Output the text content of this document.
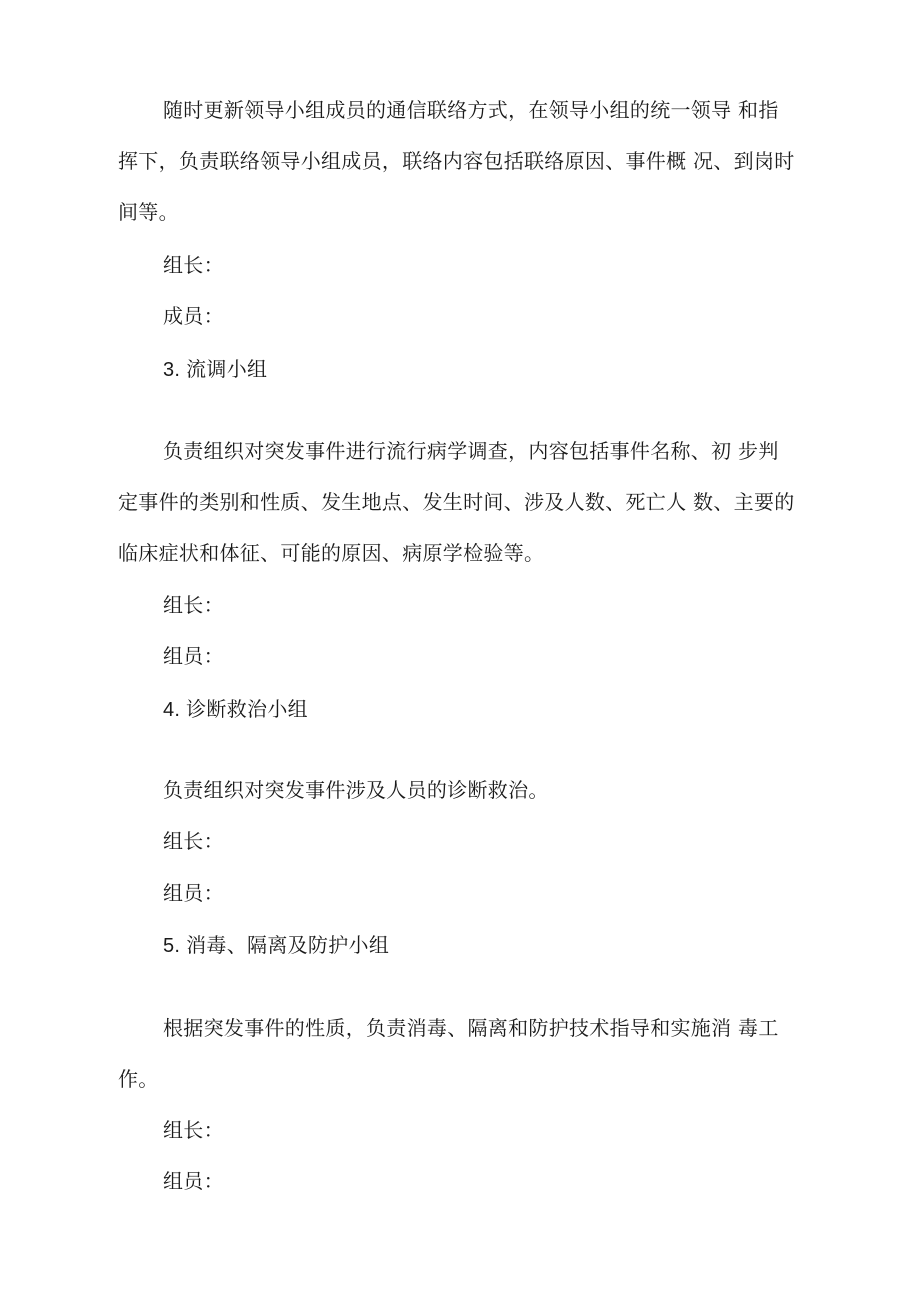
随时更新领导小组成员的通信联络方式，在领导小组的统一领导 和指
挥下，负责联络领导小组成员，联络内容包括联络原因、事件概 况、到岗时
间等。
组长：
成员：
3. 流调小组
负责组织对突发事件进行流行病学调查，内容包括事件名称、初 步判
定事件的类别和性质、发生地点、发生时间、涉及人数、死亡人 数、主要的
临床症状和体征、可能的原因、病原学检验等。
组长：
组员：
4. 诊断救治小组
负责组织对突发事件涉及人员的诊断救治。
组长：
组员：
5. 消毒、隔离及防护小组
根据突发事件的性质，负责消毒、隔离和防护技术指导和实施消 毒工
作。
组长：
组员：
